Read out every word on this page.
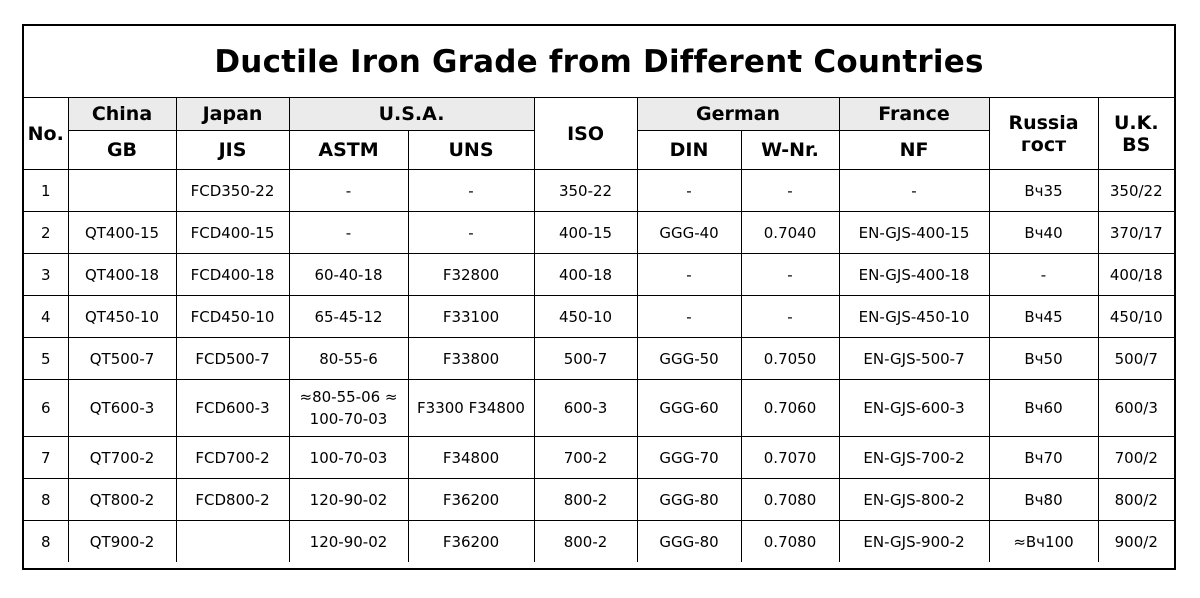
Ductile Iron Grade from Different Countries
No.	China	Japan	U.S.A.		ISO	German		France	Russia гост	U.K. BS
	GB	JIS	ASTM	UNS		DIN	W-Nr.	NF		
1		FCD350-22	-	-	350-22	-	-	-	Вч35	350/22
2	QT400-15	FCD400-15	-	-	400-15	GGG-40	0.7040	EN-GJS-400-15	Вч40	370/17
3	QT400-18	FCD400-18	60-40-18	F32800	400-18	-	-	EN-GJS-400-18	-	400/18
4	QT450-10	FCD450-10	65-45-12	F33100	450-10	-	-	EN-GJS-450-10	Вч45	450/10
5	QT500-7	FCD500-7	80-55-6	F33800	500-7	GGG-50	0.7050	EN-GJS-500-7	Вч50	500/7
6	QT600-3	FCD600-3	≈80-55-06 ≈ 100-70-03	F3300 F34800	600-3	GGG-60	0.7060	EN-GJS-600-3	Вч60	600/3
7	QT700-2	FCD700-2	100-70-03	F34800	700-2	GGG-70	0.7070	EN-GJS-700-2	Вч70	700/2
8	QT800-2	FCD800-2	120-90-02	F36200	800-2	GGG-80	0.7080	EN-GJS-800-2	Вч80	800/2
8	QT900-2		120-90-02	F36200	800-2	GGG-80	0.7080	EN-GJS-900-2	≈Вч100	900/2
